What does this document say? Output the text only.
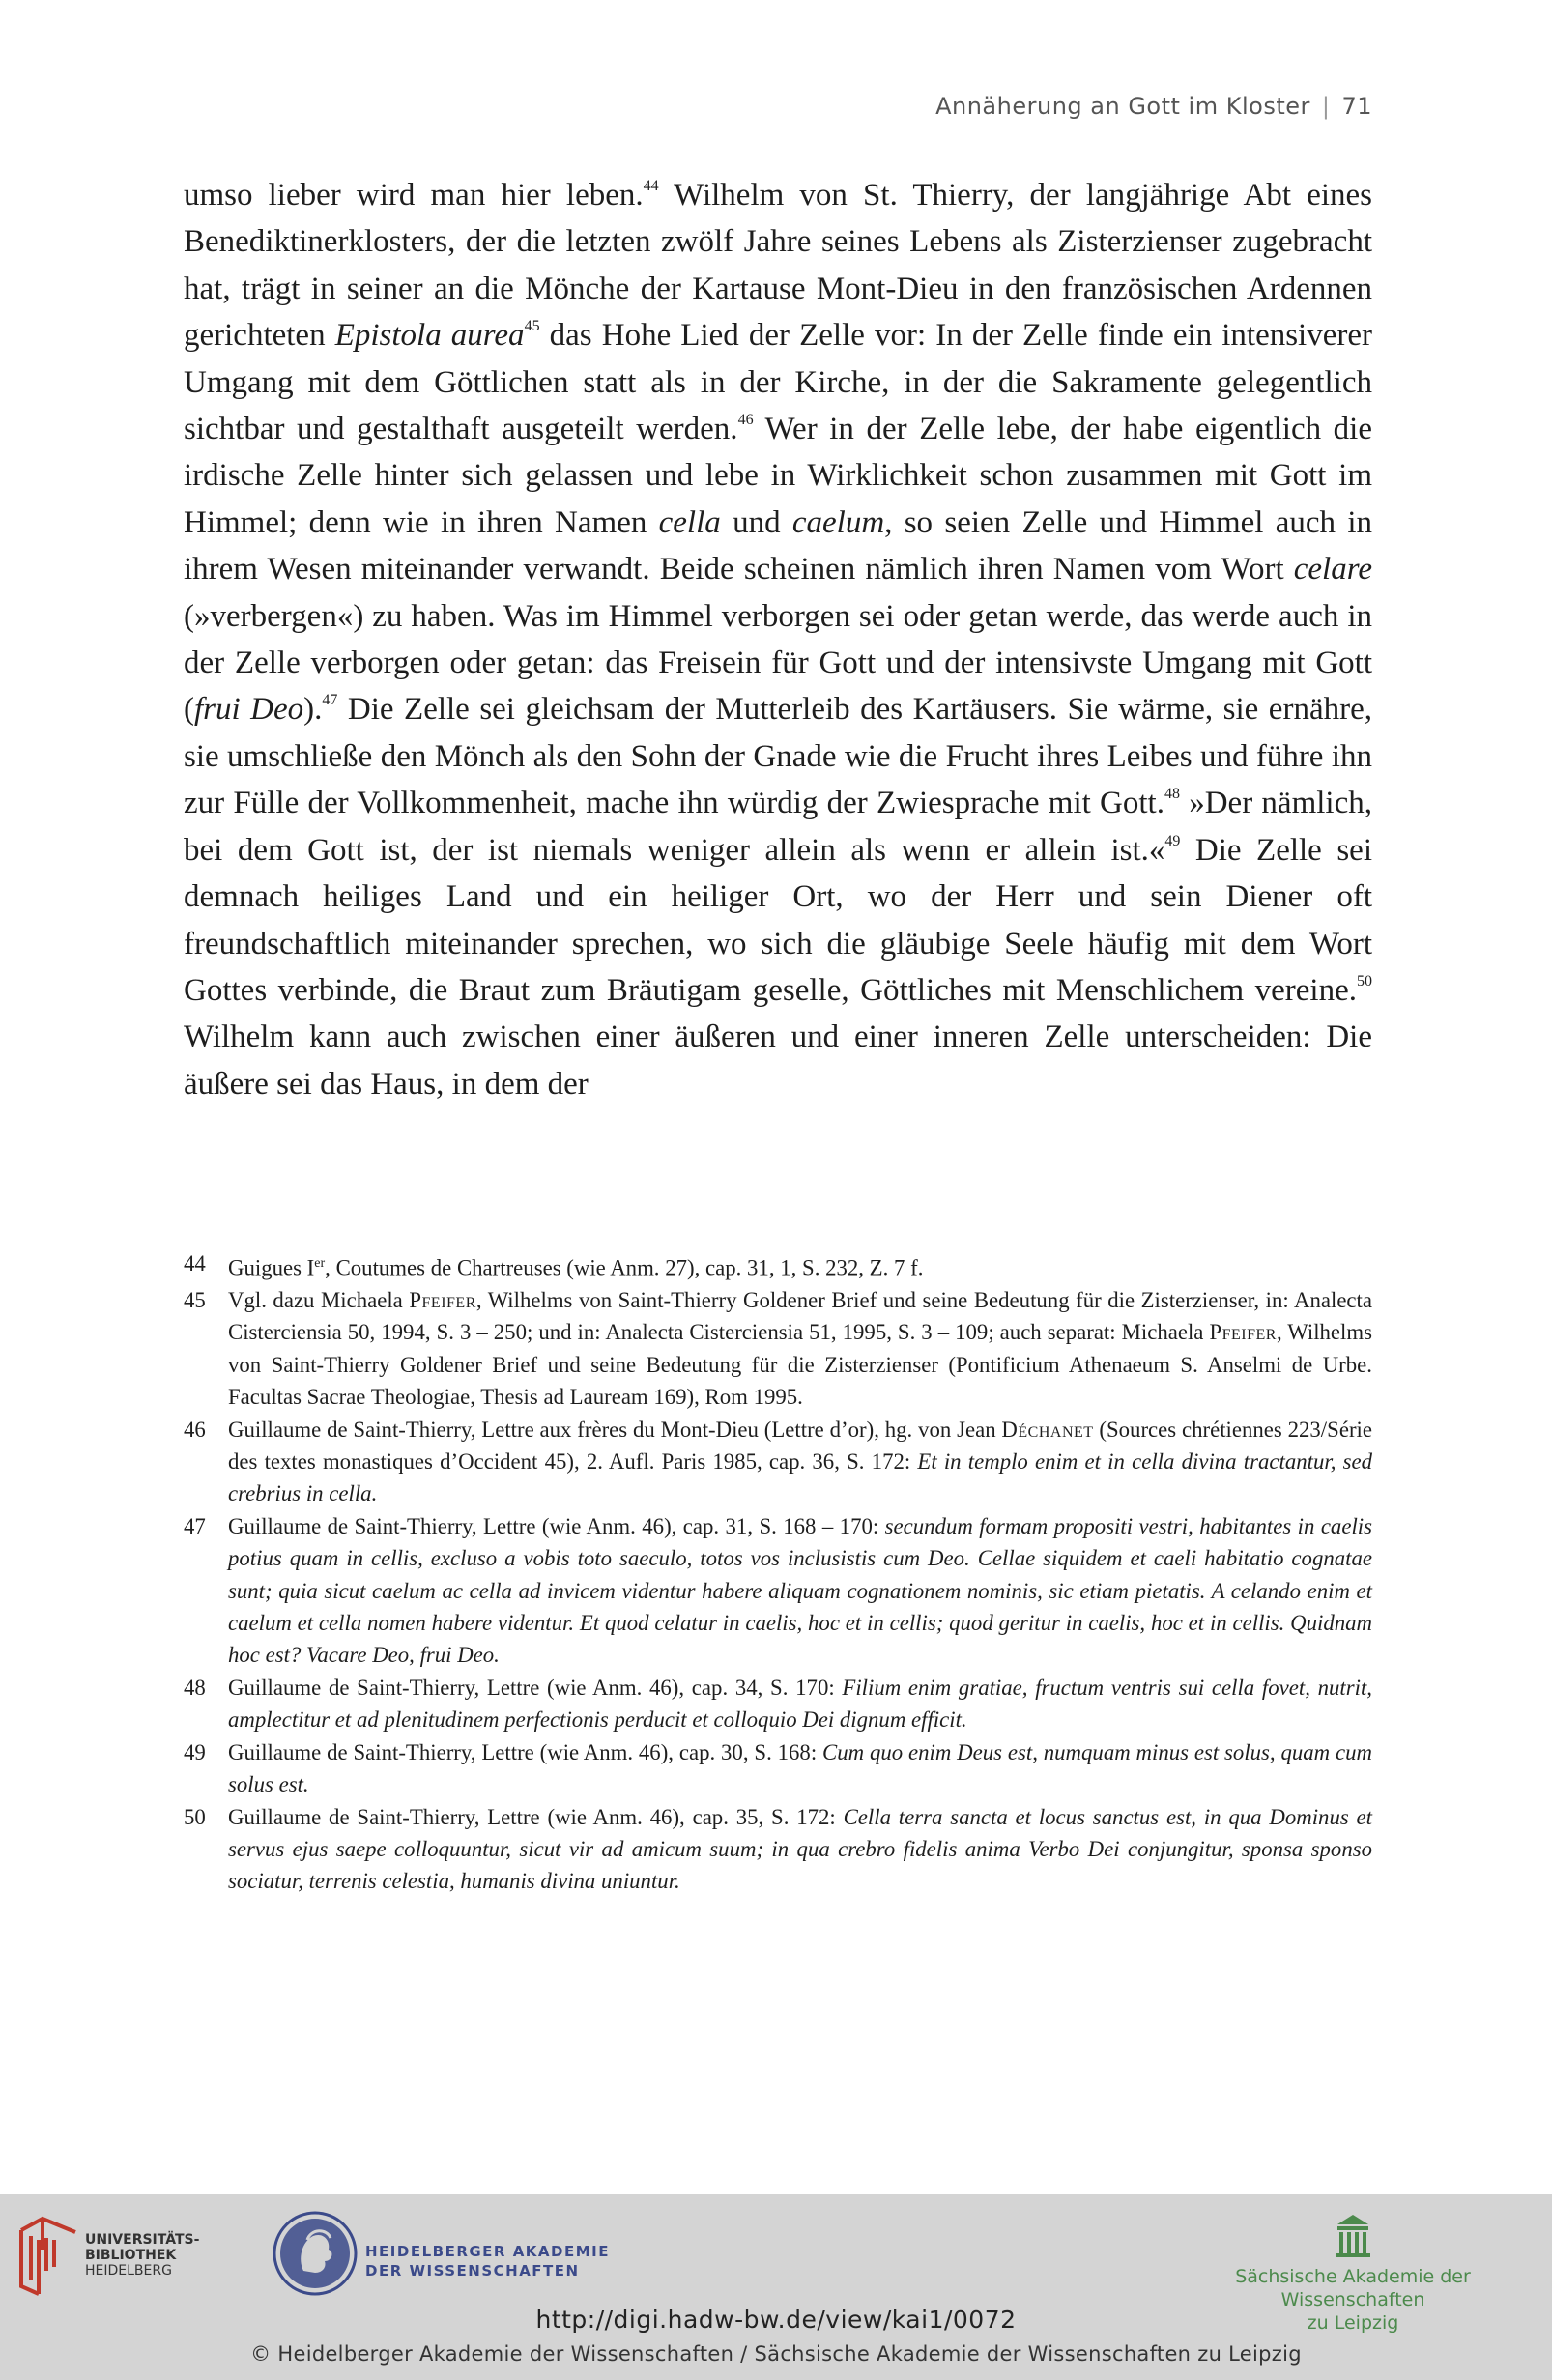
Annäherung an Gott im Kloster | 71

umso lieber wird man hier leben.$^{44}$ Wilhelm von St. Thierry, der langjährige Abt eines Benediktinerklosters, der die letzten zwölf Jahre seines Lebens als Zisterzienser zugebracht hat, trägt in seiner an die Mönche der Kartause Mont-Dieu in den französischen Ardennen gerichteten Epistola aurea$^{45}$ das Hohe Lied der Zelle vor: In der Zelle finde ein intensiverer Umgang mit dem Göttlichen statt als in der Kirche, in der die Sakramente gelegentlich sichtbar und gestalthaft ausgeteilt werden.$^{46}$ Wer in der Zelle lebe, der habe eigentlich die irdische Zelle hinter sich gelassen und lebe in Wirklichkeit schon zusammen mit Gott im Himmel; denn wie in ihren Namen cella und caelum, so seien Zelle und Himmel auch in ihrem Wesen miteinander verwandt. Beide scheinen nämlich ihren Namen vom Wort celare (»verbergen«) zu haben. Was im Himmel verborgen sei oder getan werde, das werde auch in der Zelle verborgen oder getan: das Freisein für Gott und der intensivste Umgang mit Gott (frui Deo).$^{47}$ Die Zelle sei gleichsam der Mutterleib des Kartäusers. Sie wärme, sie ernähre, sie umschließe den Mönch als den Sohn der Gnade wie die Frucht ihres Leibes und führe ihn zur Fülle der Vollkommenheit, mache ihn würdig der Zwiesprache mit Gott.$^{48}$ »Der nämlich, bei dem Gott ist, der ist niemals weniger allein als wenn er allein ist.«$^{49}$ Die Zelle sei demnach heiliges Land und ein heiliger Ort, wo der Herr und sein Diener oft freundschaftlich miteinander sprechen, wo sich die gläubige Seele häufig mit dem Wort Gottes verbinde, die Braut zum Bräutigam geselle, Göttliches mit Menschlichem vereine.$^{50}$ Wilhelm kann auch zwischen einer äußeren und einer inneren Zelle unterscheiden: Die äußere sei das Haus, in dem der

44	Guigues Ier, Coutumes de Chartreuses (wie Anm. 27), cap. 31, 1, S. 232, Z. 7 f.
45	Vgl. dazu Michaela Pfeifer, Wilhelms von Saint-Thierry Goldener Brief und seine Bedeutung für die Zisterzienser, in: Analecta Cisterciensia 50, 1994, S. 3 – 250; und in: Analecta Cisterciensia 51, 1995, S. 3 – 109; auch separat: Michaela Pfeifer, Wilhelms von Saint-Thierry Goldener Brief und seine Bedeutung für die Zisterzienser (Pontificium Athenaeum S. Anselmi de Urbe. Facultas Sacrae Theologiae, Thesis ad Lauream 169), Rom 1995.
46	Guillaume de Saint-Thierry, Lettre aux frères du Mont-Dieu (Lettre d’or), hg. von Jean Déchanet (Sources chrétiennes 223/Série des textes monastiques d’Occident 45), 2. Aufl. Paris 1985, cap. 36, S. 172: Et in templo enim et in cella divina tractantur, sed crebrius in cella.
47	Guillaume de Saint-Thierry, Lettre (wie Anm. 46), cap. 31, S. 168 – 170: secundum formam propositi vestri, habitantes in caelis potius quam in cellis, excluso a vobis toto saeculo, totos vos inclusistis cum Deo. Cellae siquidem et caeli habitatio cognatae sunt; quia sicut caelum ac cella ad invicem videntur habere aliquam cognationem nominis, sic etiam pietatis. A celando enim et caelum et cella nomen habere videntur. Et quod celatur in caelis, hoc et in cellis; quod geritur in caelis, hoc et in cellis. Quidnam hoc est? Vacare Deo, frui Deo.
48	Guillaume de Saint-Thierry, Lettre (wie Anm. 46), cap. 34, S. 170: Filium enim gratiae, fructum ventris sui cella fovet, nutrit, amplectitur et ad plenitudinem perfectionis perducit et colloquio Dei dignum efficit.
49	Guillaume de Saint-Thierry, Lettre (wie Anm. 46), cap. 30, S. 168: Cum quo enim Deus est, numquam minus est solus, quam cum solus est.
50	Guillaume de Saint-Thierry, Lettre (wie Anm. 46), cap. 35, S. 172: Cella terra sancta et locus sanctus est, in qua Dominus et servus ejus saepe colloquuntur, sicut vir ad amicum suum; in qua crebro fidelis anima Verbo Dei conjungitur, sponsa sponso sociatur, terrenis celestia, humanis divina uniuntur.
UNIVERSITÄTS-
BIBLIOTHEK
HEIDELBERG
HEIDELBERGER AKADEMIE
DER WISSENSCHAFTEN	Sächsische Akademie der Wissenschaften
zu Leipzig
http://digi.hadw-bw.de/view/kai1/0072
© Heidelberger Akademie der Wissenschaften / Sächsische Akademie der Wissenschaften zu Leipzig
